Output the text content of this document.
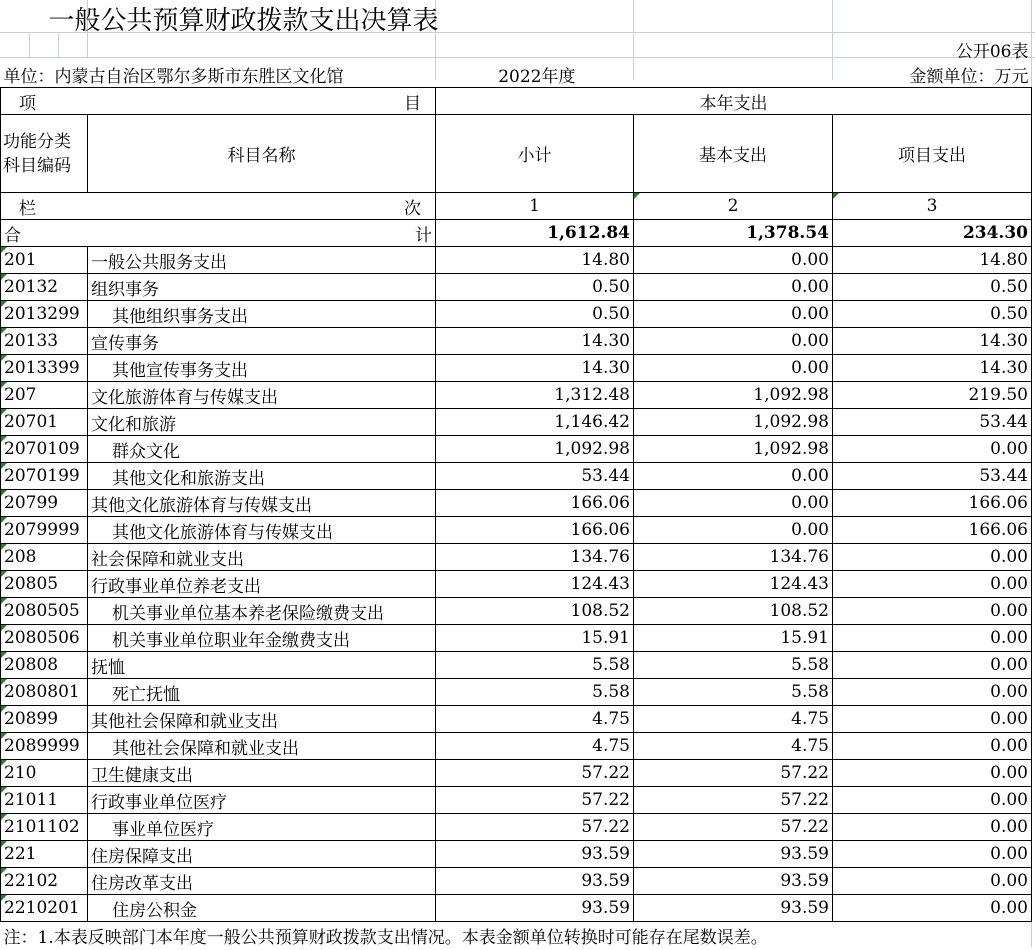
一般公共预算财政拨款支出决算表				
				公开06表
单位：内蒙古自治区鄂尔多斯市东胜区文化馆		2022年度		金额单位：万元

项 目		本年支出		
功能分类科目编码	科目名称	小计	基本支出	项目支出

栏 次		1	2	3

合 计		1,612.84	1,378.54	234.30
201	一般公共服务支出	14.80	0.00	14.80
20132	组织事务	0.50	0.00	0.50
2013299	其他组织事务支出	0.50	0.00	0.50
20133	宣传事务	14.30	0.00	14.30
2013399	其他宣传事务支出	14.30	0.00	14.30
207	文化旅游体育与传媒支出	1,312.48	1,092.98	219.50
20701	文化和旅游	1,146.42	1,092.98	53.44
2070109	群众文化	1,092.98	1,092.98	0.00
2070199	其他文化和旅游支出	53.44	0.00	53.44
20799	其他文化旅游体育与传媒支出	166.06	0.00	166.06
2079999	其他文化旅游体育与传媒支出	166.06	0.00	166.06
208	社会保障和就业支出	134.76	134.76	0.00
20805	行政事业单位养老支出	124.43	124.43	0.00
2080505	机关事业单位基本养老保险缴费支出	108.52	108.52	0.00
2080506	机关事业单位职业年金缴费支出	15.91	15.91	0.00
20808	抚恤	5.58	5.58	0.00
2080801	死亡抚恤	5.58	5.58	0.00
20899	其他社会保障和就业支出	4.75	4.75	0.00
2089999	其他社会保障和就业支出	4.75	4.75	0.00
210	卫生健康支出	57.22	57.22	0.00
21011	行政事业单位医疗	57.22	57.22	0.00
2101102	事业单位医疗	57.22	57.22	0.00
221	住房保障支出	93.59	93.59	0.00
22102	住房改革支出	93.59	93.59	0.00
2210201	住房公积金	93.59	93.59	0.00
注：1.本表反映部门本年度一般公共预算财政拨款支出情况。本表金额单位转换时可能存在尾数误差。				
